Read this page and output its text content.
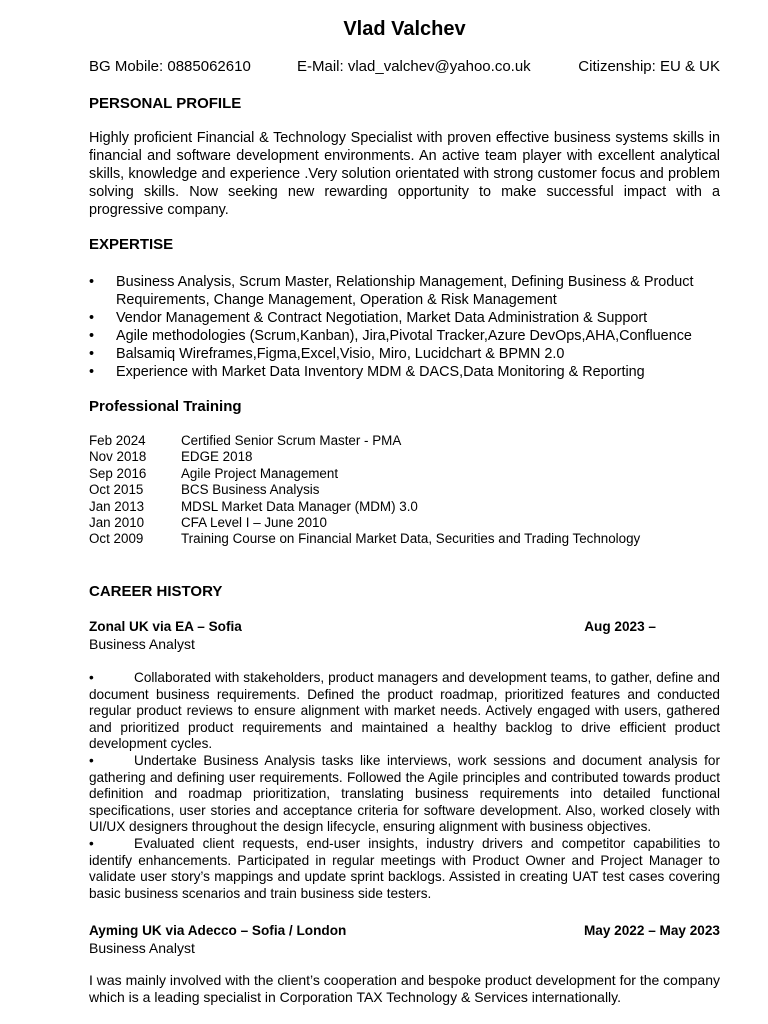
Vlad Valchev
BG Mobile: 0885062610	E-Mail: vlad_valchev@yahoo.co.uk	Citizenship: EU & UK
PERSONAL PROFILE
Highly proficient Financial & Technology Specialist with proven effective business systems skills in financial and software development environments. An active team player with excellent analytical skills, knowledge and experience .Very solution orientated with strong customer focus and problem solving skills. Now seeking new rewarding opportunity to make successful impact with a progressive company.
EXPERTISE
• Business Analysis, Scrum Master, Relationship Management, Defining Business & Product Requirements, Change Management, Operation & Risk Management
• Vendor Management & Contract Negotiation, Market Data Administration & Support
• Agile methodologies (Scrum,Kanban), Jira,Pivotal Tracker,Azure DevOps,AHA,Confluence
• Balsamiq Wireframes,Figma,Excel,Visio, Miro, Lucidchart & BPMN 2.0
• Experience with Market Data Inventory MDM & DACS,Data Monitoring & Reporting
Professional Training
Feb 2024	Certified Senior Scrum Master - PMA
Nov 2018	EDGE 2018
Sep 2016	Agile Project Management
Oct 2015	BCS Business Analysis
Jan 2013	MDSL Market Data Manager (MDM) 3.0
Jan 2010	CFA Level I – June 2010
Oct 2009	Training Course on Financial Market Data, Securities and Trading Technology
CAREER HISTORY
Zonal UK via EA – Sofia	Aug 2023 –
Business Analyst

•	Collaborated with stakeholders, product managers and development teams, to gather, define and document business requirements. Defined the product roadmap, prioritized features and conducted regular product reviews to ensure alignment with market needs. Actively engaged with users, gathered and prioritized product requirements and maintained a healthy backlog to drive efficient product development cycles.

•	Undertake Business Analysis tasks like interviews, work sessions and document analysis for gathering and defining user requirements. Followed the Agile principles and contributed towards product definition and roadmap prioritization, translating business requirements into detailed functional specifications, user stories and acceptance criteria for software development. Also, worked closely with UI/UX designers throughout the design lifecycle, ensuring alignment with business objectives.

•	Evaluated client requests, end-user insights, industry drivers and competitor capabilities to identify enhancements. Participated in regular meetings with Product Owner and Project Manager to validate user story’s mappings and update sprint backlogs. Assisted in creating UAT test cases covering basic business scenarios and train business side testers.

Ayming UK via Adecco – Sofia / London	May 2022 – May 2023
Business Analyst
I was mainly involved with the client’s cooperation and bespoke product development for the company which is a leading specialist in Corporation TAX Technology & Services internationally.
